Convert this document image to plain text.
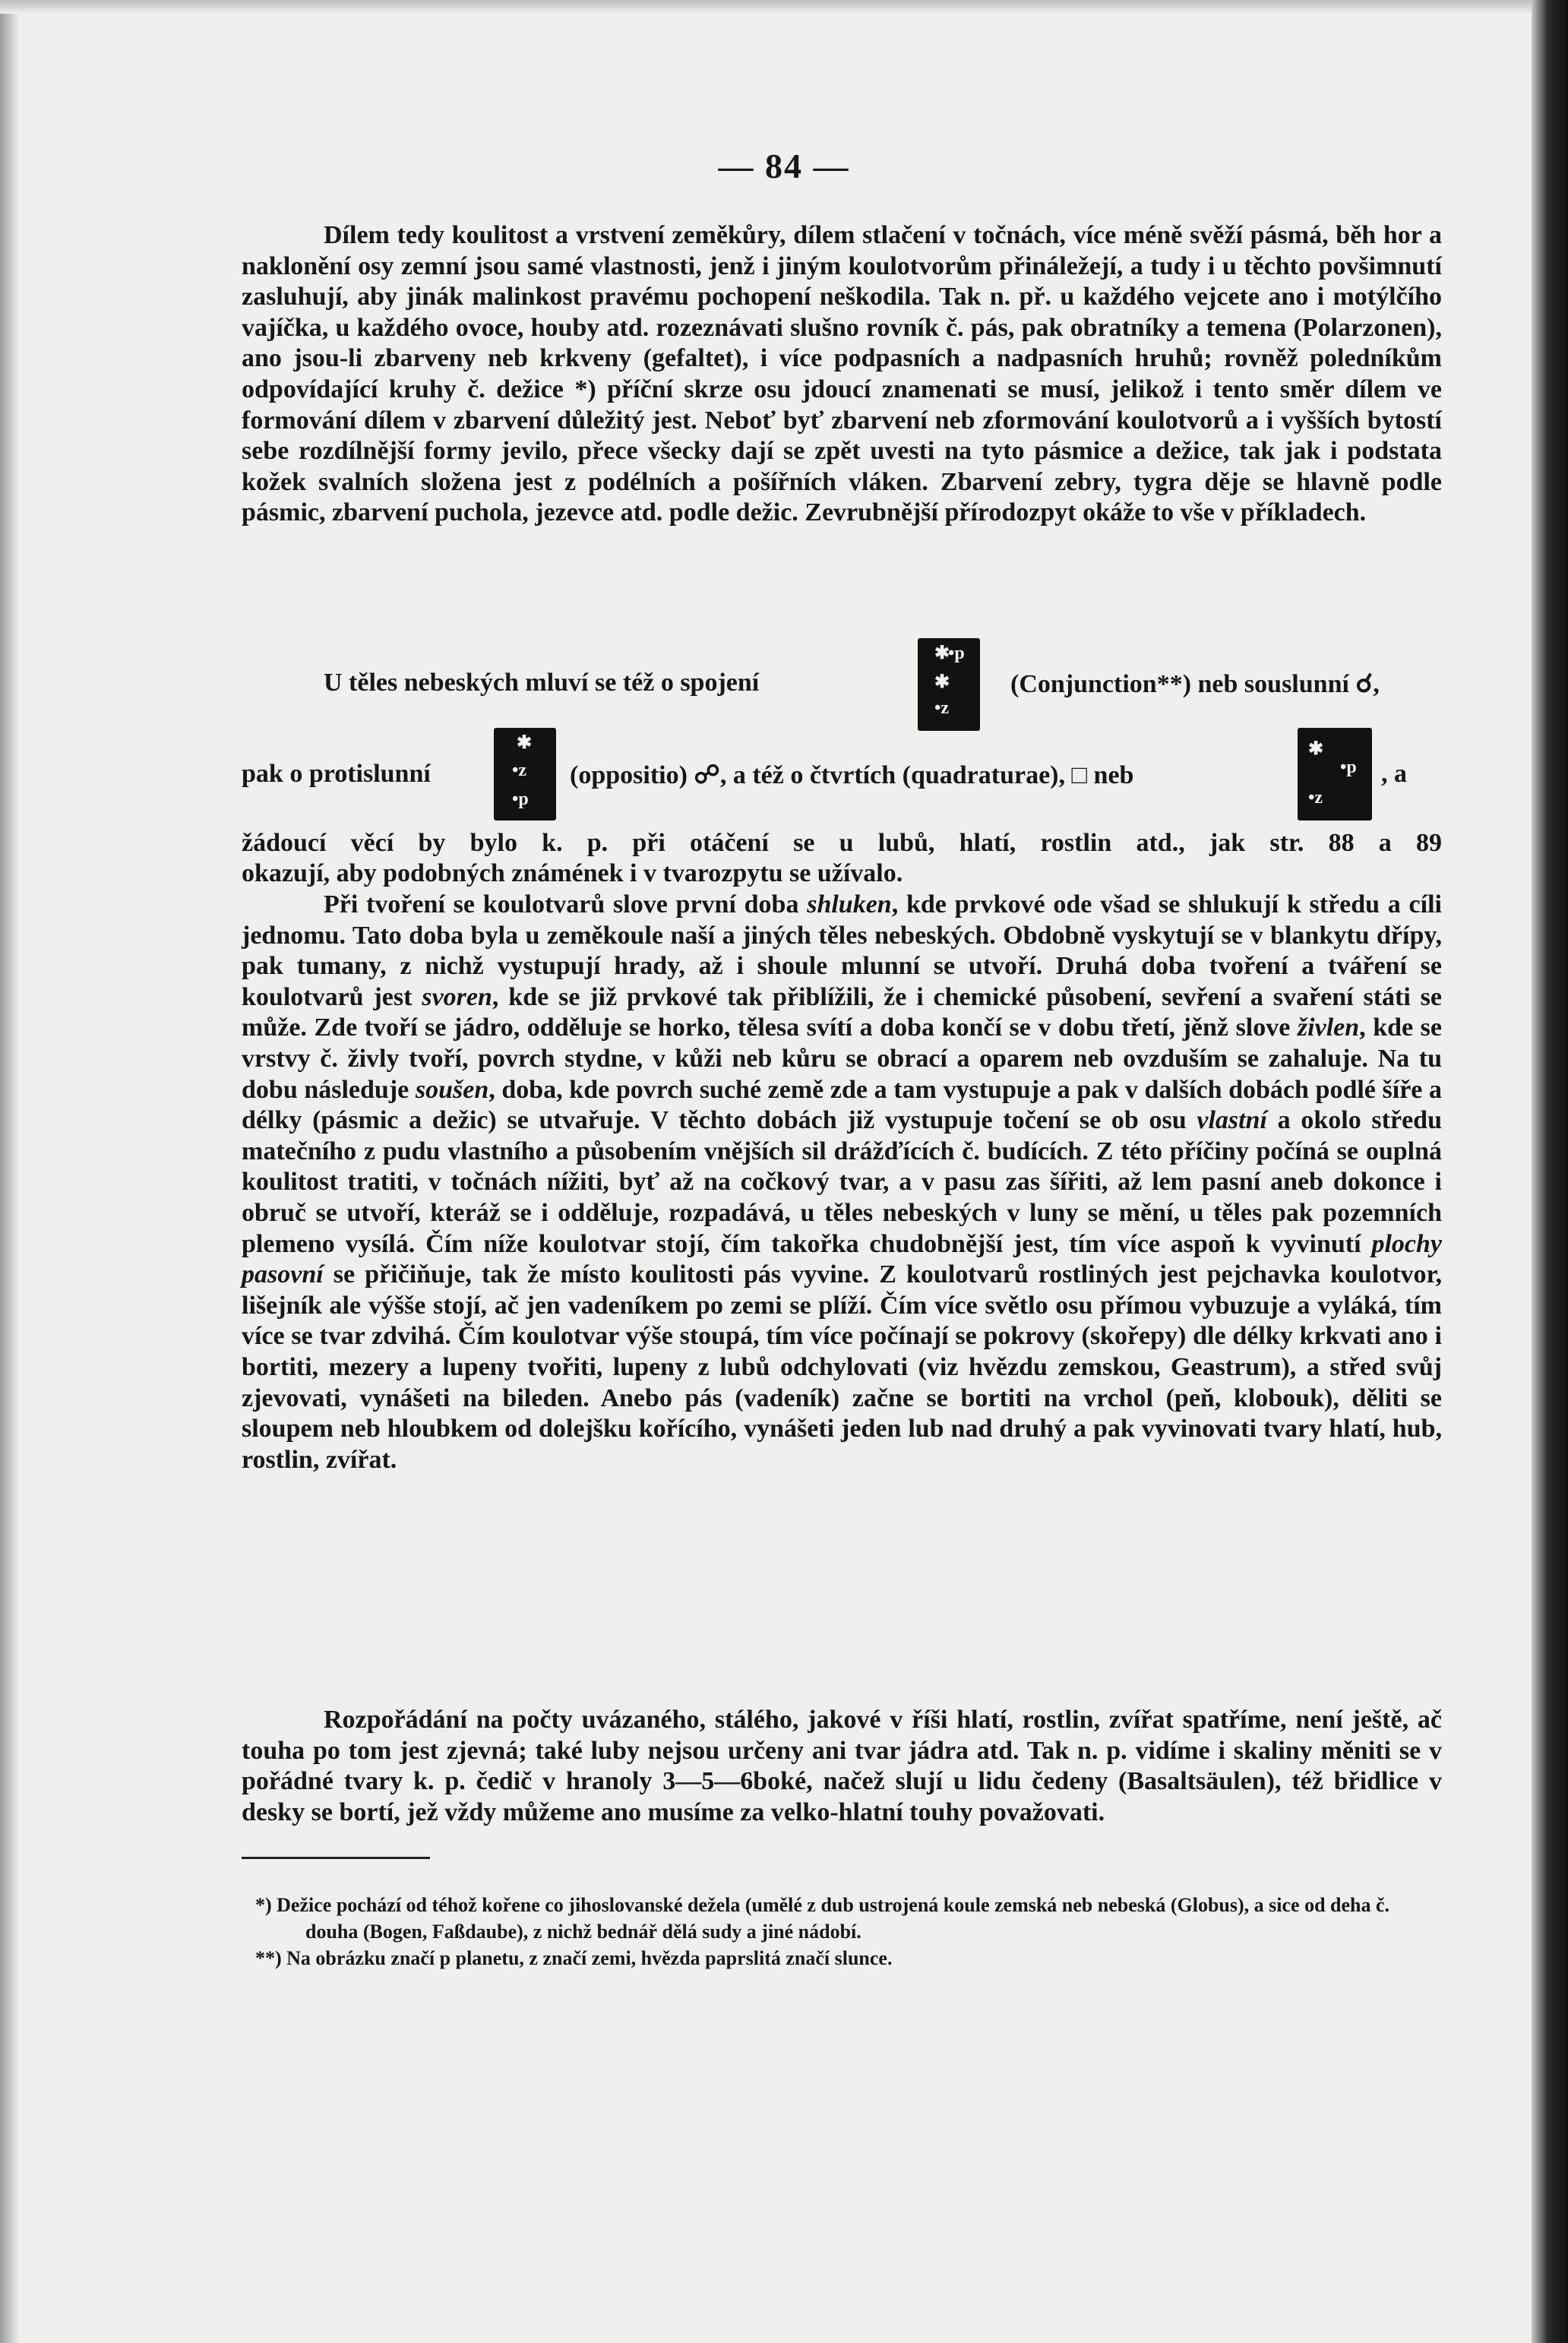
— 84 —

Dílem tedy koulitost a vrstvení zeměkůry, dílem stlačení v točnách, více méně svěží pásmá, běh hor a naklonění osy zemní jsou samé vlastnosti, jenž i jiným koulotvorům přináležejí, a tudy i u těchto povšimnutí zasluhují, aby jinák malinkost pravému pochopení neškodila. Tak n. př. u každého vejcete ano i motýlčího vajíčka, u každého ovoce, houby atd. rozeznávati slušno rovník č. pás, pak obratníky a temena (Polarzonen), ano jsou-li zbarveny neb krkveny (gefaltet), i více podpasních a nadpasních hruhů; rovněž poledníkům odpovídající kruhy č. dežice *) příční skrze osu jdoucí znamenati se musí, jelikož i tento směr dílem ve formování dílem v zbarvení důležitý jest. Neboť byť zbarvení neb zformování koulotvorů a i vyšších bytostí sebe rozdílnější formy jevilo, přece všecky dají se zpět uvesti na tyto pásmice a dežice, tak jak i podstata kožek svalních složena jest z podélních a pošířních vláken. Zbarvení zebry, tygra děje se hlavně podle pásmic, zbarvení puchola, jezevce atd. podle dežic. Zevrubnější přírodozpyt okáže to vše v příkladech.

U těles nebeských mluví se též o spojení
✱
•p
✱
•z
(Conjunction**) neb souslunní ☌,
pak o protislunní
✱
•z
•p
(oppositio) ☍, a též o čtvrtích (quadraturae), □ neb
✱
•p
•z
, a
žádoucí věcí by bylo k. p. při otáčení se u lubů, hlatí, rostlin atd., jak str. 88 a 89
okazují, aby podobných známének i v tvarozpytu se užívalo.

Při tvoření se koulotvarů slove první doba shluken, kde prvkové ode všad se shlukují k středu a cíli jednomu. Tato doba byla u zeměkoule naší a jiných těles nebeských. Obdobně vyskytují se v blankytu dřípy, pak tumany, z nichž vystupují hrady, až i shoule mlunní se utvoří. Druhá doba tvoření a tváření se koulotvarů jest svoren, kde se již prvkové tak přiblížili, že i chemické působení, sevření a svaření státi se může. Zde tvoří se jádro, odděluje se horko, tělesa svítí a doba končí se v dobu třetí, jěnž slove živlen, kde se vrstvy č. živly tvoří, povrch stydne, v kůži neb kůru se obrací a oparem neb ovzduším se zahaluje. Na tu dobu následuje soušen, doba, kde povrch suché země zde a tam vystupuje a pak v dalších dobách podlé šíře a délky (pásmic a dežic) se utvařuje. V těchto dobách již vystupuje točení se ob osu vlastní a okolo středu matečního z pudu vlastního a působením vnějších sil drážďících č. budících. Z této příčiny počíná se ouplná koulitost tratiti, v točnách nížiti, byť až na cočkový tvar, a v pasu zas šířiti, až lem pasní aneb dokonce i obruč se utvoří, kteráž se i odděluje, rozpadává, u těles nebeských v luny se mění, u těles pak pozemních plemeno vysílá. Čím níže koulotvar stojí, čím takořka chudobnější jest, tím více aspoň k vyvinutí plochy pasovní se přičiňuje, tak že místo koulitosti pás vyvine. Z koulotvarů rostliných jest pejchavka koulotvor, lišejník ale výšše stojí, ač jen vadeníkem po zemi se plíží. Čím více světlo osu přímou vybuzuje a vyláká, tím více se tvar zdvihá. Čím koulotvar výše stoupá, tím více počínají se pokrovy (skořepy) dle délky krkvati ano i bortiti, mezery a lupeny tvořiti, lupeny z lubů odchylovati (viz hvězdu zemskou, Geastrum), a střed svůj zjevovati, vynášeti na bileden. Anebo pás (vadeník) začne se bortiti na vrchol (peň, klobouk), děliti se sloupem neb hloubkem od dolejšku kořícího, vynášeti jeden lub nad druhý a pak vyvinovati tvary hlatí, hub, rostlin, zvířat.

Rozpořádání na počty uvázaného, stálého, jakové v říši hlatí, rostlin, zvířat spatříme, není ještě, ač touha po tom jest zjevná; také luby nejsou určeny ani tvar jádra atd. Tak n. p. vidíme i skaliny měniti se v pořádné tvary k. p. čedič v hranoly 3—5—6boké, načež slují u lidu čedeny (Basaltsäulen), též břidlice v desky se bortí, jež vždy můžeme ano musíme za velko-hlatní touhy považovati.

*) Dežice pochází od téhož kořene co jihoslovanské dežela (umělé z dub ustrojená koule zemská neb nebeská (Globus), a sice od deha č. douha (Bogen, Faßdaube), z nichž bednář dělá sudy a jiné nádobí.

**) Na obrázku značí p planetu, z značí zemi, hvězda paprslitá značí slunce.
